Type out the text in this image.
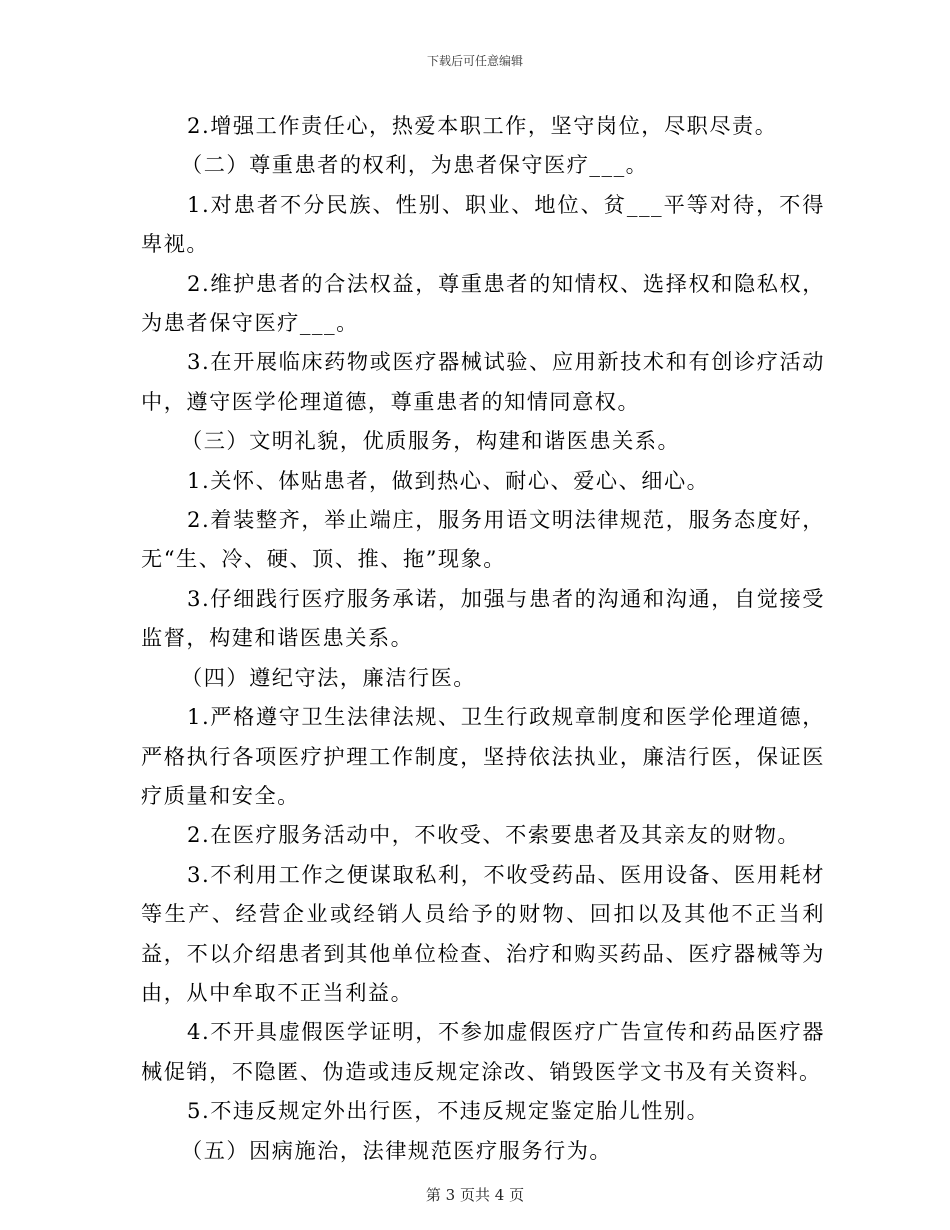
下载后可任意编辑

2.增强工作责任心，热爱本职工作，坚守岗位，尽职尽责。

（二）尊重患者的权利，为患者保守医疗___。

1.对患者不分民族、性别、职业、地位、贫___平等对待，不得卑视。

2.维护患者的合法权益，尊重患者的知情权、选择权和隐私权，为患者保守医疗___。

3.在开展临床药物或医疗器械试验、应用新技术和有创诊疗活动中，遵守医学伦理道德，尊重患者的知情同意权。

（三）文明礼貌，优质服务，构建和谐医患关系。

1.关怀、体贴患者，做到热心、耐心、爱心、细心。

2.着装整齐，举止端庄，服务用语文明法律规范，服务态度好，无“生、冷、硬、顶、推、拖”现象。

3.仔细践行医疗服务承诺，加强与患者的沟通和沟通，自觉接受监督，构建和谐医患关系。

（四）遵纪守法，廉洁行医。

1.严格遵守卫生法律法规、卫生行政规章制度和医学伦理道德，严格执行各项医疗护理工作制度，坚持依法执业，廉洁行医，保证医疗质量和安全。

2.在医疗服务活动中，不收受、不索要患者及其亲友的财物。

3.不利用工作之便谋取私利，不收受药品、医用设备、医用耗材等生产、经营企业或经销人员给予的财物、回扣以及其他不正当利益，不以介绍患者到其他单位检查、治疗和购买药品、医疗器械等为由，从中牟取不正当利益。

4.不开具虚假医学证明，不参加虚假医疗广告宣传和药品医疗器械促销，不隐匿、伪造或违反规定涂改、销毁医学文书及有关资料。

5.不违反规定外出行医，不违反规定鉴定胎儿性别。

（五）因病施治，法律规范医疗服务行为。

第 3 页共 4 页
